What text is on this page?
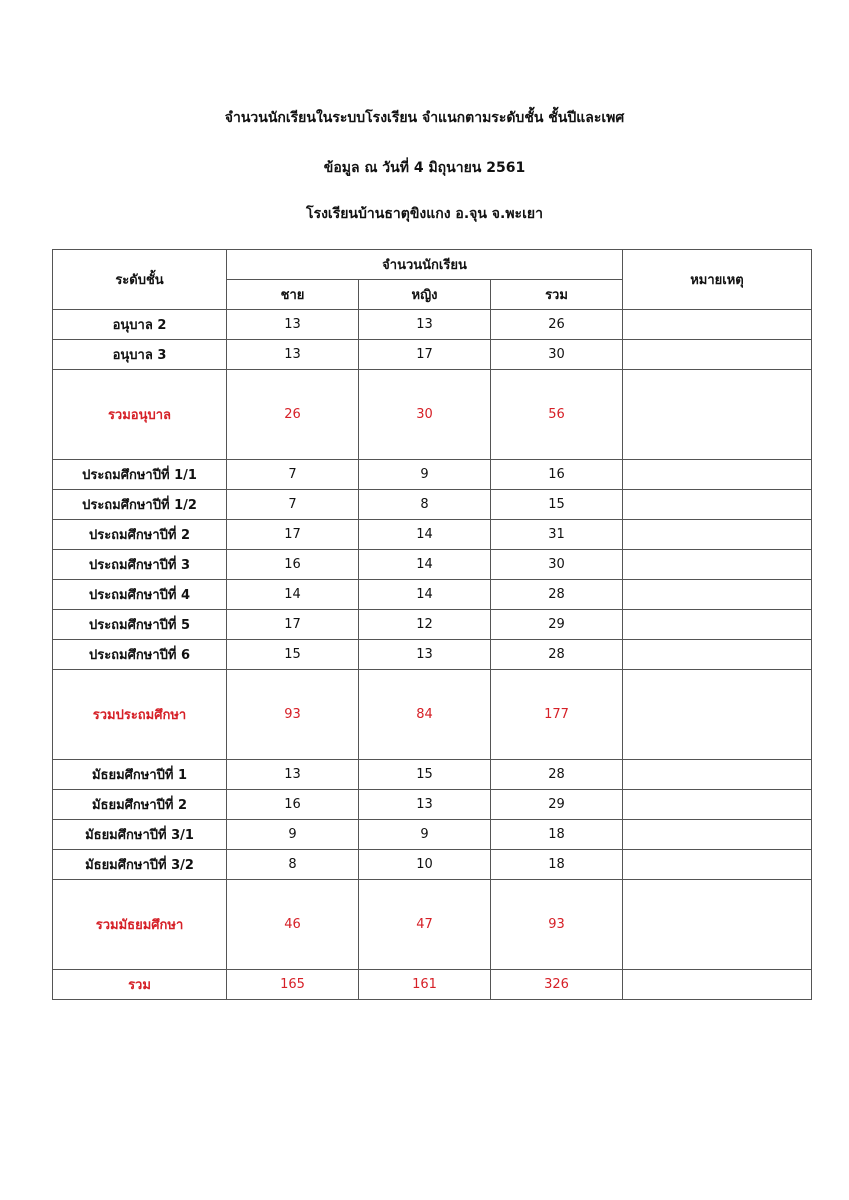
จำนวนนักเรียนในระบบโรงเรียน จำแนกตามระดับชั้น ชั้นปีและเพศ
ข้อมูล ณ วันที่ 4 มิถุนายน 2561
โรงเรียนบ้านธาตุขิงแกง อ.จุน จ.พะเยา
ระดับชั้น	จำนวนนักเรียน			หมายเหตุ
	ชาย	หญิง	รวม	
อนุบาล 2	13	13	26	
อนุบาล 3	13	17	30	
รวมอนุบาล	26	30	56	
ประถมศึกษาปีที่ 1/1	7	9	16	
ประถมศึกษาปีที่ 1/2	7	8	15	
ประถมศึกษาปีที่ 2	17	14	31	
ประถมศึกษาปีที่ 3	16	14	30	
ประถมศึกษาปีที่ 4	14	14	28	
ประถมศึกษาปีที่ 5	17	12	29	
ประถมศึกษาปีที่ 6	15	13	28	
รวมประถมศึกษา	93	84	177	
มัธยมศึกษาปีที่ 1	13	15	28	
มัธยมศึกษาปีที่ 2	16	13	29	
มัธยมศึกษาปีที่ 3/1	9	9	18	
มัธยมศึกษาปีที่ 3/2	8	10	18	
รวมมัธยมศึกษา	46	47	93	
รวม	165	161	326	
